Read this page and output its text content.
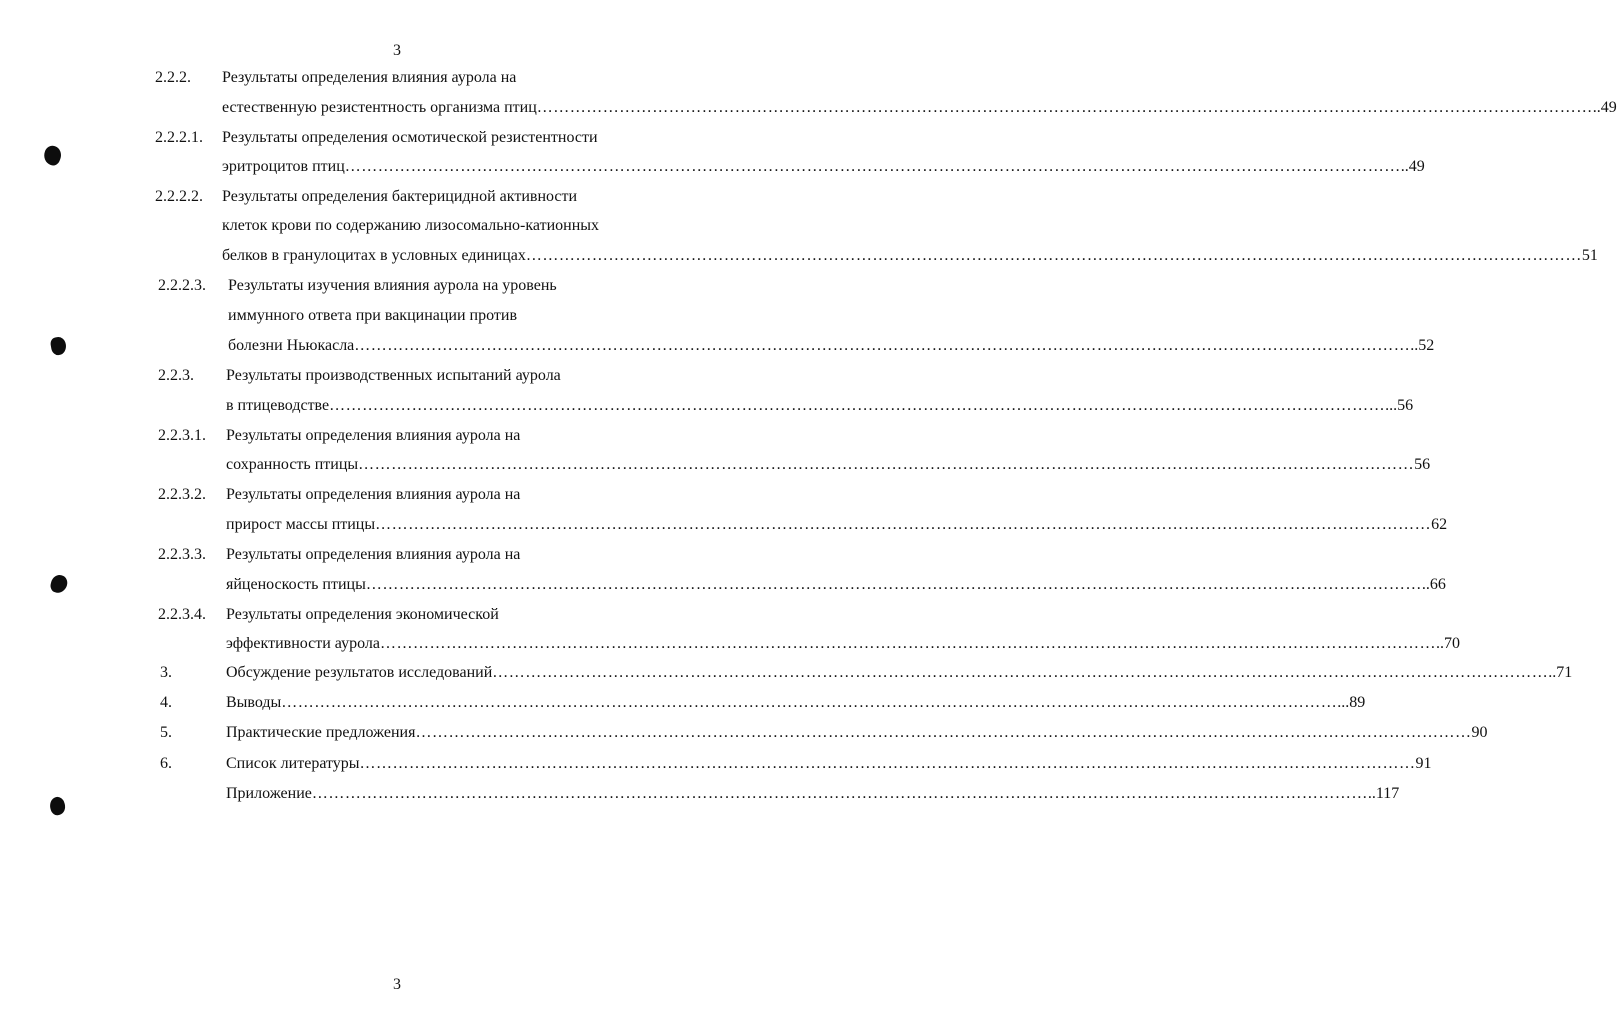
3
2.2.2. Результаты определения влияния аурола на
естественную резистентность организма птиц ………………………………………………………………………………………………………………………………………………………………………… ..49
2.2.2.1. Результаты определения осмотической резистентности
эритроцитов птиц ………………………………………………………………………………………………………………………………………………………………………… ..49
2.2.2.2. Результаты определения бактерицидной активности
клеток крови по содержанию лизосомально-катионных
белков в гранулоцитах в условных единицах ………………………………………………………………………………………………………………………………………………………………………… 51
2.2.2.3. Результаты изучения влияния аурола на уровень
иммунного ответа при вакцинации против
болезни Ньюкасла ………………………………………………………………………………………………………………………………………………………………………… ..52
2.2.3. Результаты производственных испытаний аурола
в птицеводстве ………………………………………………………………………………………………………………………………………………………………………… ...56
2.2.3.1. Результаты определения влияния аурола на
сохранность птицы ………………………………………………………………………………………………………………………………………………………………………… 56
2.2.3.2. Результаты определения влияния аурола на
прирост массы птицы ………………………………………………………………………………………………………………………………………………………………………… 62
2.2.3.3. Результаты определения влияния аурола на
яйценоскость птицы ………………………………………………………………………………………………………………………………………………………………………… ..66
2.2.3.4. Результаты определения экономической
эффективности аурола ………………………………………………………………………………………………………………………………………………………………………… ..70
3.	Обсуждение результатов исследований ………………………………………………………………………………………………………………………………………………………………………… ..71
4.	Выводы ………………………………………………………………………………………………………………………………………………………………………… ...89
5.	Практические предложения ………………………………………………………………………………………………………………………………………………………………………… 90
6.	Список литературы ………………………………………………………………………………………………………………………………………………………………………… 91
Приложение ………………………………………………………………………………………………………………………………………………………………………… ..117
3
